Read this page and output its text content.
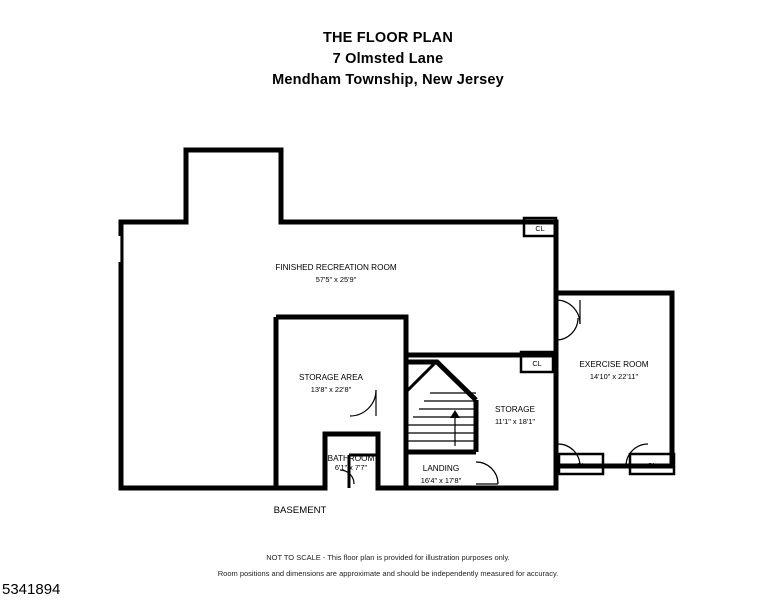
THE FLOOR PLAN
7 Olmsted Lane
Mendham Township, New Jersey
CL
CL
CL	CL
FINISHED RECREATION ROOM
57'5" x 25'9"
EXERCISE ROOM
14'10" x 22'11"
STORAGE AREA
13'8" x 22'8"
STORAGE
11'1" x 18'1"
BATHROOM
6'1" x 7'7"	LANDING
16'4" x 17'8"
BASEMENT
NOT TO SCALE - This floor plan is provided for illustration purposes only.
Room positions and dimensions are approximate and should be independently measured for accuracy.
5341894
